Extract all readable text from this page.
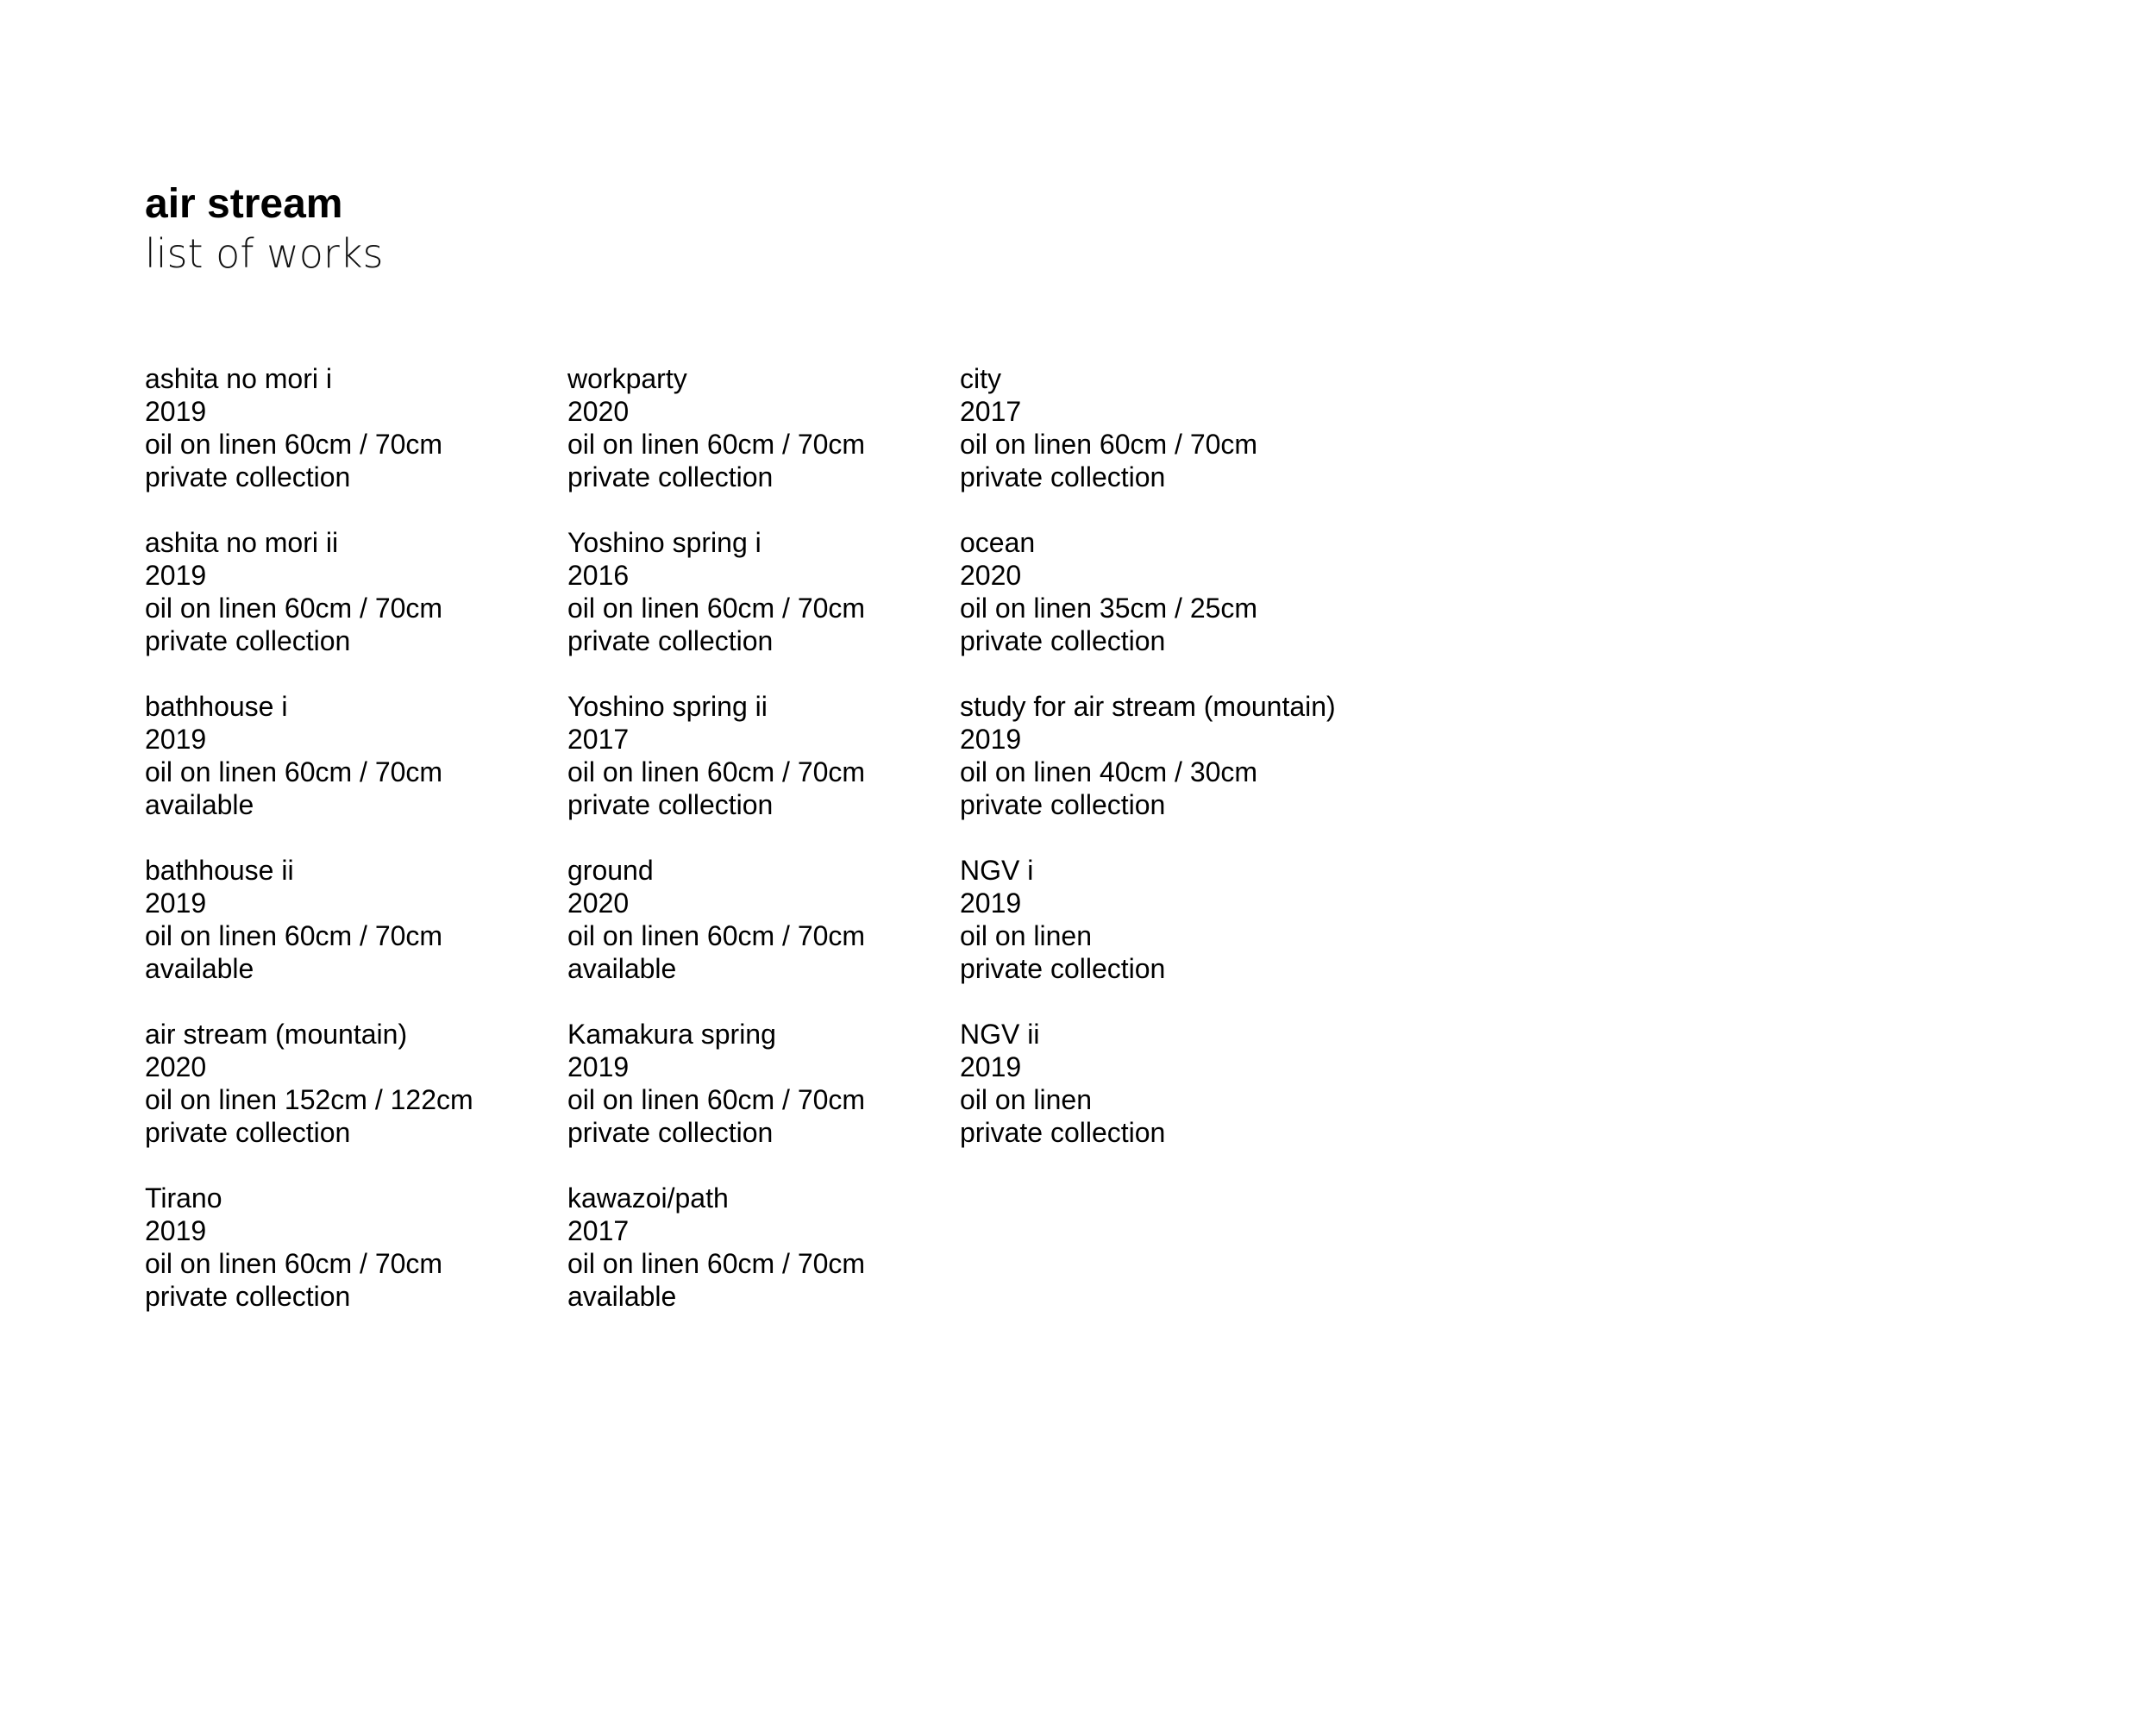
air stream

list of works

ashita no mori i
2019
oil on linen 60cm / 70cm
private collection
ashita no mori ii
2019
oil on linen 60cm / 70cm
private collection
bathhouse i
2019
oil on linen 60cm / 70cm
available
bathhouse ii
2019
oil on linen 60cm / 70cm
available
air stream (mountain)
2020
oil on linen 152cm / 122cm
private collection
Tirano
2019
oil on linen 60cm / 70cm
private collection
workparty
2020
oil on linen 60cm / 70cm
private collection
Yoshino spring i
2016
oil on linen 60cm / 70cm
private collection
Yoshino spring ii
2017
oil on linen 60cm / 70cm
private collection
ground
2020
oil on linen 60cm / 70cm
available
Kamakura spring
2019
oil on linen 60cm / 70cm
private collection
kawazoi/path
2017
oil on linen 60cm / 70cm
available
city
2017
oil on linen 60cm / 70cm
private collection
ocean
2020
oil on linen 35cm / 25cm
private collection
study for air stream (mountain)
2019
oil on linen 40cm / 30cm
private collection
NGV i
2019
oil on linen
private collection
NGV ii
2019
oil on linen
private collection
